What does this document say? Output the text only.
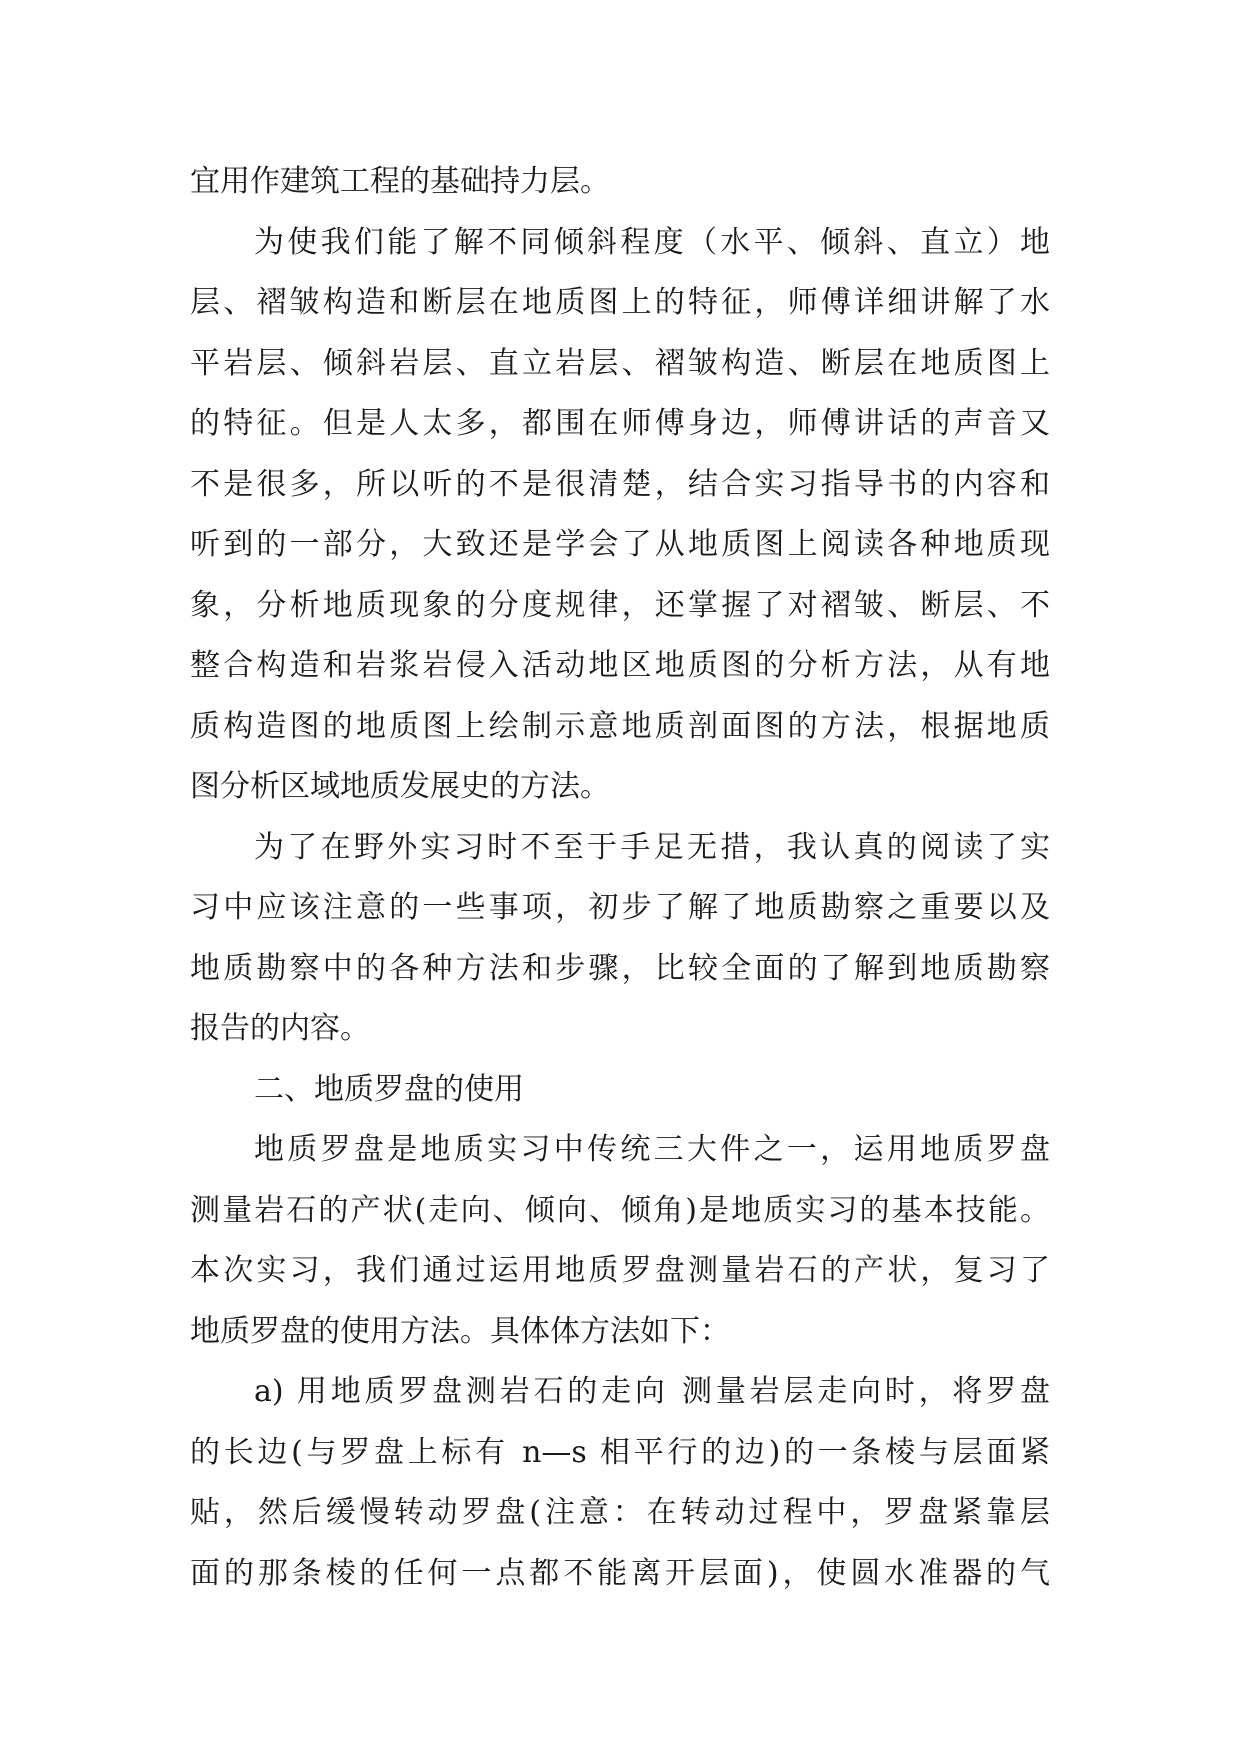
宜用作建筑工程的基础持力层。
为使我们能了解不同倾斜程度（水平、倾斜、直立）地
层、褶皱构造和断层在地质图上的特征，师傅详细讲解了水
平岩层、倾斜岩层、直立岩层、褶皱构造、断层在地质图上
的特征。但是人太多，都围在师傅身边，师傅讲话的声音又
不是很多，所以听的不是很清楚，结合实习指导书的内容和
听到的一部分，大致还是学会了从地质图上阅读各种地质现
象，分析地质现象的分度规律，还掌握了对褶皱、断层、不
整合构造和岩浆岩侵入活动地区地质图的分析方法，从有地
质构造图的地质图上绘制示意地质剖面图的方法，根据地质
图分析区域地质发展史的方法。
为了在野外实习时不至于手足无措，我认真的阅读了实
习中应该注意的一些事项，初步了解了地质勘察之重要以及
地质勘察中的各种方法和步骤，比较全面的了解到地质勘察
报告的内容。
二、地质罗盘的使用
地质罗盘是地质实习中传统三大件之一，运用地质罗盘
测量岩石的产状(走向、倾向、倾角)是地质实习的基本技能。
本次实习，我们通过运用地质罗盘测量岩石的产状，复习了
地质罗盘的使用方法。具体体方法如下：
a) 用地质罗盘测岩石的走向 测量岩层走向时，将罗盘
的长边(与罗盘上标有 n—s 相平行的边)的一条棱与层面紧
贴，然后缓慢转动罗盘(注意：在转动过程中，罗盘紧靠层
面的那条棱的任何一点都不能离开层面)，使圆水准器的气
